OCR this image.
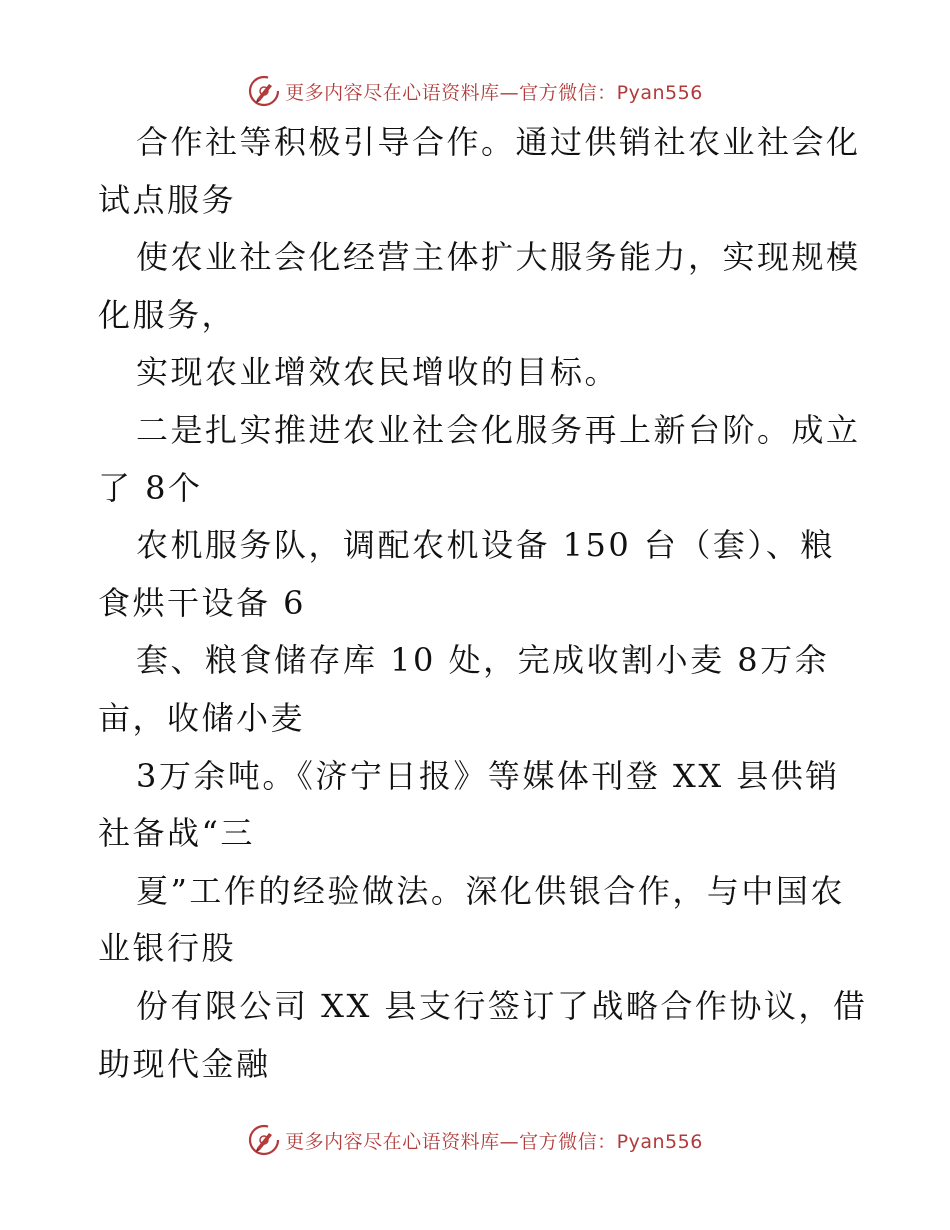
更多内容尽在心语资料库—官方微信：Pyan556
合作社等积极引导合作。通过供销社农业社会化
试点服务
使农业社会化经营主体扩大服务能力，实现规模
化服务，
实现农业增效农民增收的目标。
二是扎实推进农业社会化服务再上新台阶。成立
了 8个
农机服务队，调配农机设备 150 台（套）、粮
食烘干设备 6
套、粮食储存库 10 处，完成收割小麦 8万余
亩，收储小麦
3万余吨。《济宁日报》等媒体刊登 XX 县供销
社备战“三
夏”工作的经验做法。深化供银合作，与中国农
业银行股
份有限公司 XX 县支行签订了战略合作协议，借
助现代金融
更多内容尽在心语资料库—官方微信：Pyan556
